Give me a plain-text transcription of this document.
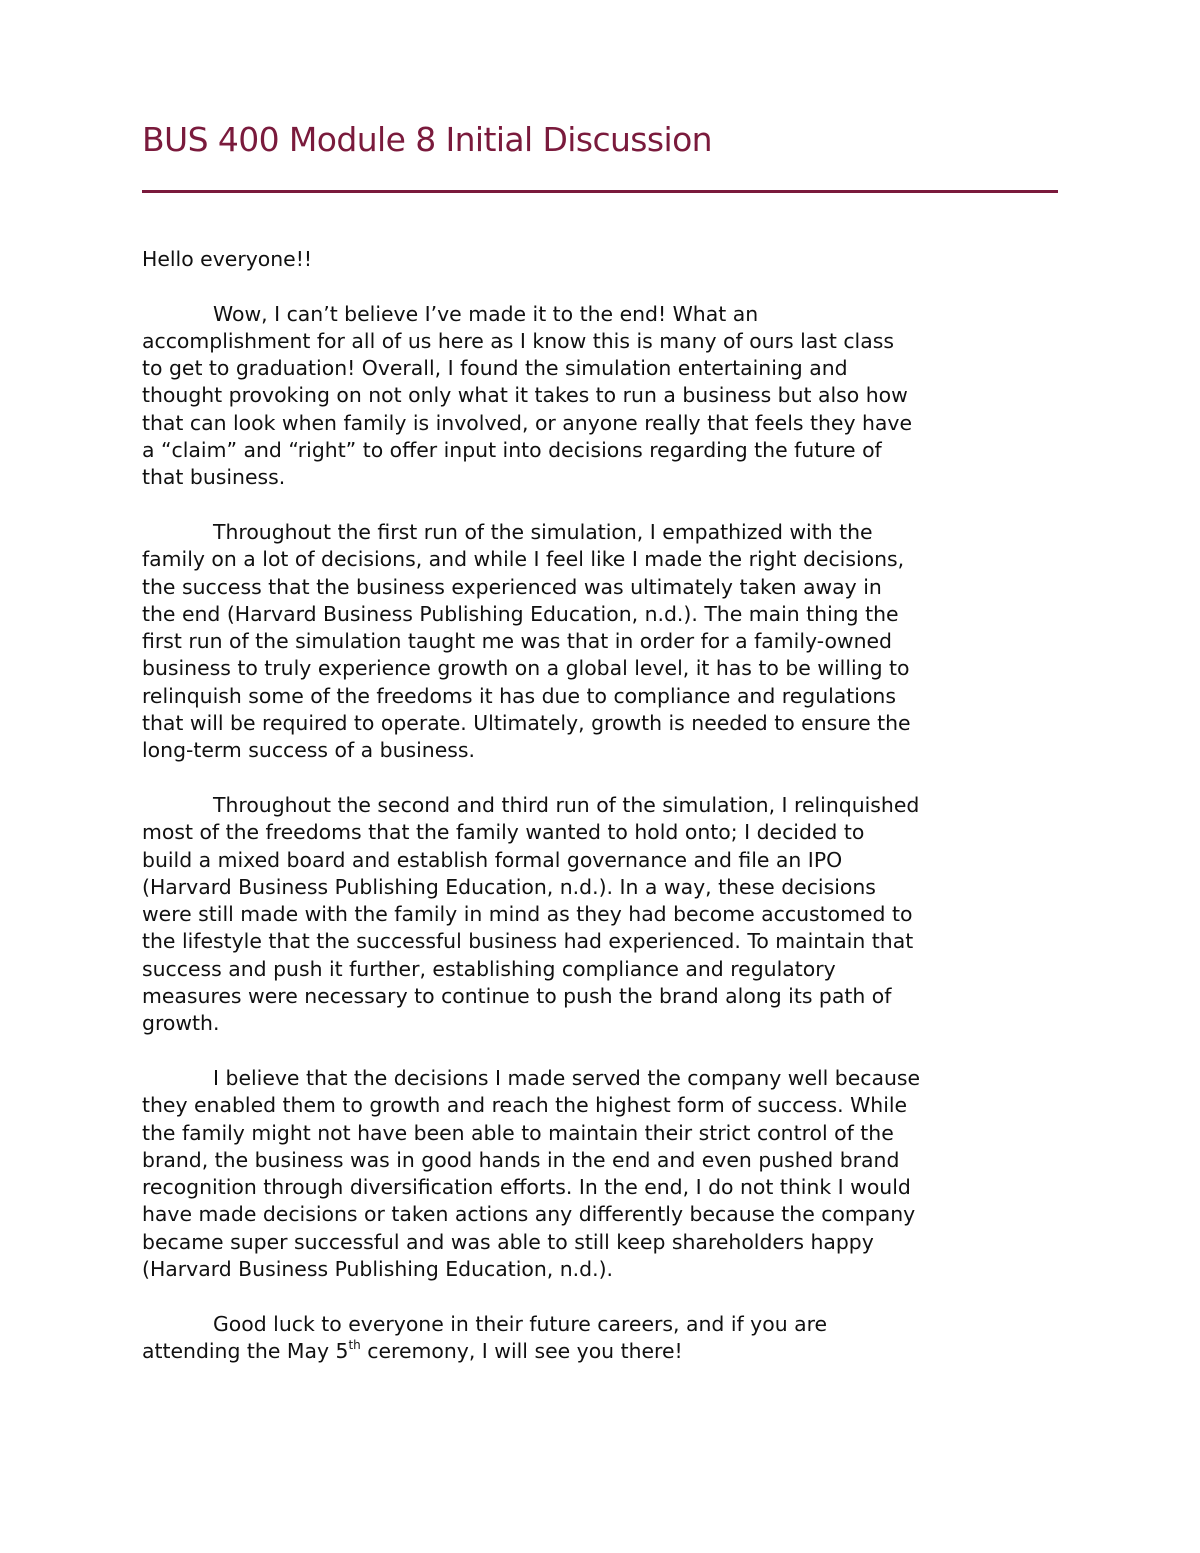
BUS 400 Module 8 Initial Discussion

Hello everyone!!

Wow, I can’t believe I’ve made it to the end! What an
accomplishment for all of us here as I know this is many of ours last class
to get to graduation! Overall, I found the simulation entertaining and
thought provoking on not only what it takes to run a business but also how
that can look when family is involved, or anyone really that feels they have
a “claim” and “right” to offer input into decisions regarding the future of
that business.

Throughout the first run of the simulation, I empathized with the
family on a lot of decisions, and while I feel like I made the right decisions,
the success that the business experienced was ultimately taken away in
the end (Harvard Business Publishing Education, n.d.). The main thing the
first run of the simulation taught me was that in order for a family-owned
business to truly experience growth on a global level, it has to be willing to
relinquish some of the freedoms it has due to compliance and regulations
that will be required to operate. Ultimately, growth is needed to ensure the
long-term success of a business.

Throughout the second and third run of the simulation, I relinquished
most of the freedoms that the family wanted to hold onto; I decided to
build a mixed board and establish formal governance and file an IPO
(Harvard Business Publishing Education, n.d.). In a way, these decisions
were still made with the family in mind as they had become accustomed to
the lifestyle that the successful business had experienced. To maintain that
success and push it further, establishing compliance and regulatory
measures were necessary to continue to push the brand along its path of
growth.

I believe that the decisions I made served the company well because
they enabled them to growth and reach the highest form of success. While
the family might not have been able to maintain their strict control of the
brand, the business was in good hands in the end and even pushed brand
recognition through diversification efforts. In the end, I do not think I would
have made decisions or taken actions any differently because the company
became super successful and was able to still keep shareholders happy
(Harvard Business Publishing Education, n.d.).

Good luck to everyone in their future careers, and if you are
attending the May 5th ceremony, I will see you there!
